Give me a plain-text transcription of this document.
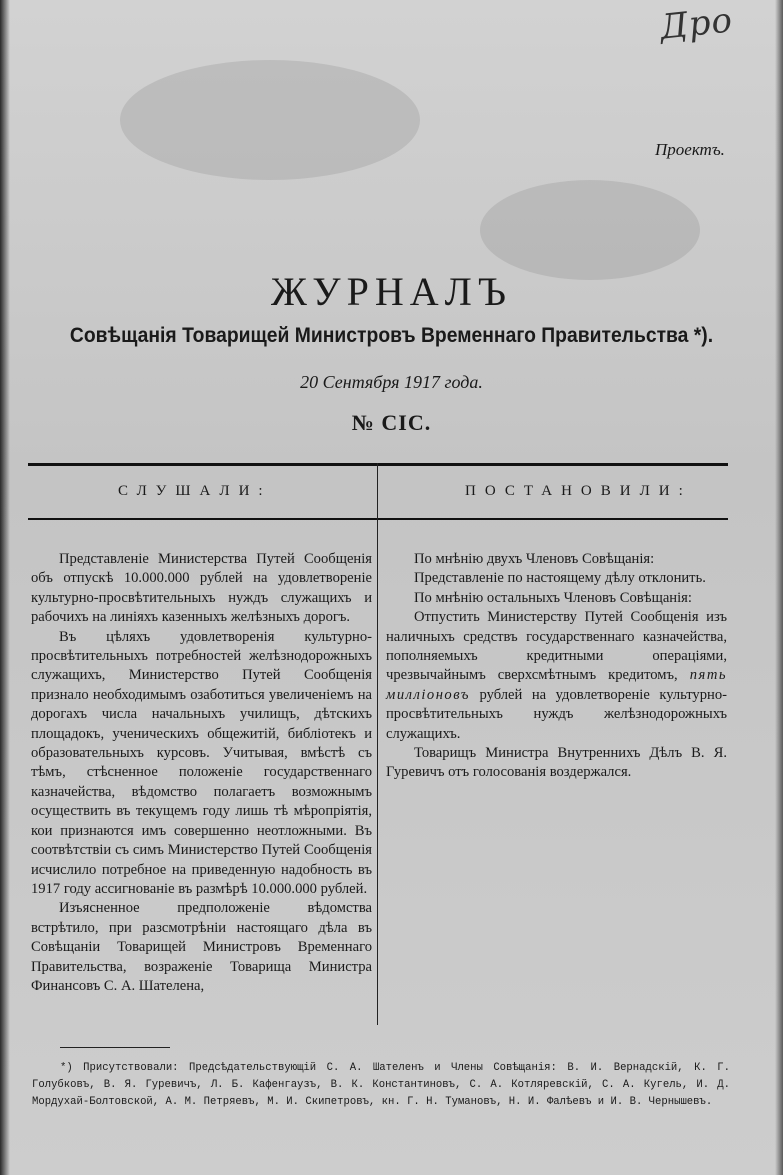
Дро
Проектъ.
ЖУРНАЛЪ
Совѣщанія Товарищей Министровъ Временнаго Правительства *).
20 Сентября 1917 года.
№ CIC.
СЛУШАЛИ:	ПОСТАНОВИЛИ:

Представленіе Министерства Путей Сообщенія объ отпускѣ 10.000.000 рублей на удовлетвореніе культурно-просвѣтительныхъ нуждъ служащихъ и рабочихъ на линіяхъ казенныхъ желѣзныхъ дорогъ.

Въ цѣляхъ удовлетворенія культурно-просвѣтительныхъ потребностей желѣзнодорожныхъ служащихъ, Министерство Путей Сообщенія признало необходимымъ озаботиться увеличеніемъ на дорогахъ числа начальныхъ училищъ, дѣтскихъ площадокъ, ученическихъ общежитій, библіотекъ и образовательныхъ курсовъ. Учитывая, вмѣстѣ съ тѣмъ, стѣсненное положеніе государственнаго казначейства, вѣдомство полагаетъ возможнымъ осуществить въ текущемъ году лишь тѣ мѣропріятія, кои признаются имъ совершенно неотложными. Въ соотвѣтствіи съ симъ Министерство Путей Сообщенія исчислило потребное на приведенную надобность въ 1917 году ассигнованіе въ размѣрѣ 10.000.000 рублей.

Изъясненное предположеніе вѣдомства встрѣтило, при разсмотрѣніи настоящаго дѣла въ Совѣщаніи Товарищей Министровъ Временнаго Правительства, возраженіе Товарища Министра Финансовъ С. А. Шателена,

По мнѣнію двухъ Членовъ Совѣщанія:

Представленіе по настоящему дѣлу отклонить.

По мнѣнію остальныхъ Членовъ Совѣщанія:

Отпустить Министерству Путей Сообщенія изъ наличныхъ средствъ государственнаго казначейства, пополняемыхъ кредитными операціями, чрезвычайнымъ сверхсмѣтнымъ кредитомъ, пять милліоновъ рублей на удовлетвореніе культурно-просвѣтительныхъ нуждъ желѣзнодорожныхъ служащихъ.

Товарищъ Министра Внутреннихъ Дѣлъ В. Я. Гуревичъ отъ голосованія воздержался.

*) Присутствовали: Предсѣдательствующій С. А. Шателенъ и Члены Совѣщанія: В. И. Вернадскій, К. Г. Голубковъ, В. Я. Гуревичъ, Л. Б. Кафенгаузъ, В. К. Константиновъ, С. А. Котляревскій, С. А. Кугель, И. Д. Мордухай-Болтовской, А. М. Петряевъ, М. И. Скипетровъ, кн. Г. Н. Тумановъ, Н. И. Фалѣевъ и И. В. Чернышевъ.
